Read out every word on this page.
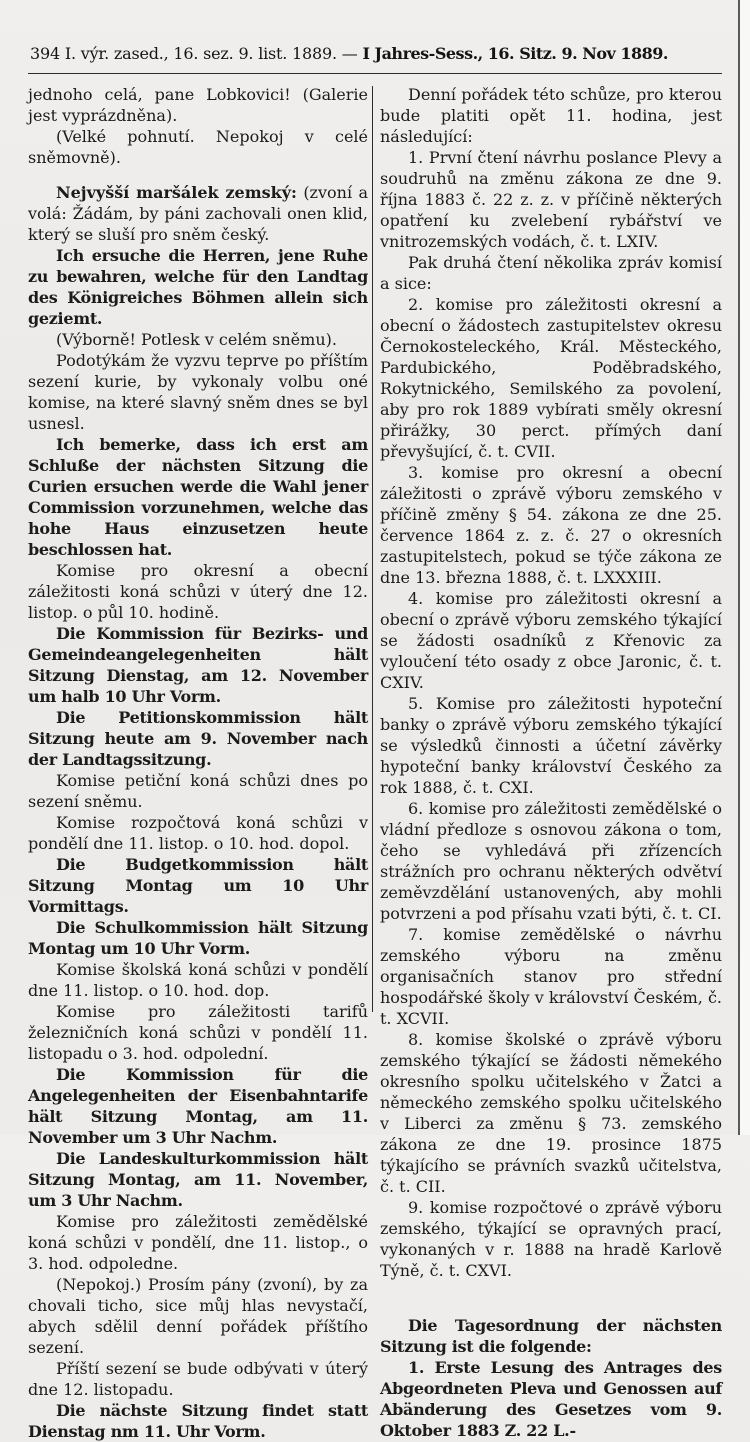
394 I. výr. zased., 16. sez. 9. list. 1889. — I Jahres-Sess., 16. Sitz. 9. Nov 1889.

jednoho celá, pane Lobkovici! (Galerie jest vyprázdněna).

(Velké pohnutí. Nepokoj v celé sněmovně).

Nejvyšší maršálek zemský: (zvoní a volá: Žádám, by páni zachovali onen klid, který se sluší pro sněm český.

Ich ersuche die Herren, jene Ruhe zu bewahren, welche für den Landtag des Königreiches Böhmen allein sich geziemt.

(Výborně! Potlesk v celém sněmu).

Podotýkám že vyzvu teprve po příštím sezení kurie, by vykonaly volbu oné komise, na které slavný sněm dnes se byl usnesl.

Ich bemerke, dass ich erst am Schluße der nächsten Sitzung die Curien ersuchen werde die Wahl jener Commission vorzunehmen, welche das hohe Haus einzusetzen heute beschlossen hat.

Komise pro okresní a obecní záležitosti koná schůzi v úterý dne 12. listop. o půl 10. hodině.

Die Kommission für Bezirks- und Gemeindeangelegenheiten hält Sitzung Dienstag, am 12. November um halb 10 Uhr Vorm.

Die Petitionskommission hält Sitzung heute am 9. November nach der Landtagssitzung.

Komise petiční koná schůzi dnes po sezení sněmu.

Komise rozpočtová koná schůzi v pondělí dne 11. listop. o 10. hod. dopol.

Die Budgetkommission hält Sitzung Montag um 10 Uhr Vormittags.

Die Schulkommission hält Sitzung Montag um 10 Uhr Vorm.

Komise školská koná schůzi v pondělí dne 11. listop. o 10. hod. dop.

Komise pro záležitosti tarifů železničních koná schůzi v pondělí 11. listopadu o 3. hod. odpolední.

Die Kommission für die Angelegenheiten der Eisenbahntarife hält Sitzung Montag, am 11. November um 3 Uhr Nachm.

Die Landeskulturkommission hält Sitzung Montag, am 11. November, um 3 Uhr Nachm.

Komise pro záležitosti zemědělské koná schůzi v pondělí, dne 11. listop., o 3. hod. odpoledne.

(Nepokoj.) Prosím pány (zvoní), by za chovali ticho, sice můj hlas nevystačí, abych sdělil denní pořádek příštího sezení.

Příští sezení se bude odbývati v úterý dne 12. listopadu.

Die nächste Sitzung findet statt Dienstag nm 11. Uhr Vorm.

Denní pořádek této schůze, pro kterou bude platiti opět 11. hodina, jest následující:

1. První čtení návrhu poslance Plevy a soudruhů na změnu zákona ze dne 9. října 1883 č. 22 z. z. v příčině některých opatření ku zvelebení rybářství ve vnitrozemských vodách, č. t. LXIV.

Pak druhá čtení několika zpráv komisí a sice:

2. komise pro záležitosti okresní a obecní o žádostech zastupitelstev okresu Černokosteleckého, Král. Městeckého, Pardubického, Poděbradského, Rokytnického, Semilského za povolení, aby pro rok 1889 vybírati směly okresní přirážky, 30 perct. přímých daní převyšující, č. t. CVII.

3. komise pro okresní a obecní záležitosti o zprávě výboru zemského v příčině změny § 54. zákona ze dne 25. července 1864 z. z. č. 27 o okresních zastupitelstech, pokud se týče zákona ze dne 13. března 1888, č. t. LXXXIII.

4. komise pro záležitosti okresní a obecní o zprávě výboru zemského týkající se žádosti osadníků z Křenovic za vyloučení této osady z obce Jaronic, č. t. CXIV.

5. Komise pro záležitosti hypoteční banky o zprávě výboru zemského týkající se výsledků činnosti a účetní závěrky hypoteční banky království Českého za rok 1888, č. t. CXI.

6. komise pro záležitosti zemědělské o vládní předloze s osnovou zákona o tom, čeho se vyhledává při zřízencích strážních pro ochranu některých odvětví zeměvzdělání ustanovených, aby mohli potvrzeni a pod přísahu vzati býti, č. t. CI.

7. komise zemědělské o návrhu zemského výboru na změnu organisačních stanov pro střední hospodářské školy v království Českém, č. t. XCVII.

8. komise školské o zprávě výboru zemského týkající se žádosti němekého okresního spolku učitelského v Žatci a německého zemského spolku učitelského v Liberci za změnu § 73. zemského zákona ze dne 19. prosince 1875 týkajícího se právních svazků učitelstva, č. t. CII.

9. komise rozpočtové o zprávě výboru zemského, týkající se opravných prací, vykonaných v r. 1888 na hradě Karlově Týně, č. t. CXVI.

Die Tagesordnung der nächsten Sitzung ist die folgende:

1. Erste Lesung des Antrages des Abgeordneten Pleva und Genossen auf Abänderung des Gesetzes vom 9. Oktober 1883 Z. 22 L.-
